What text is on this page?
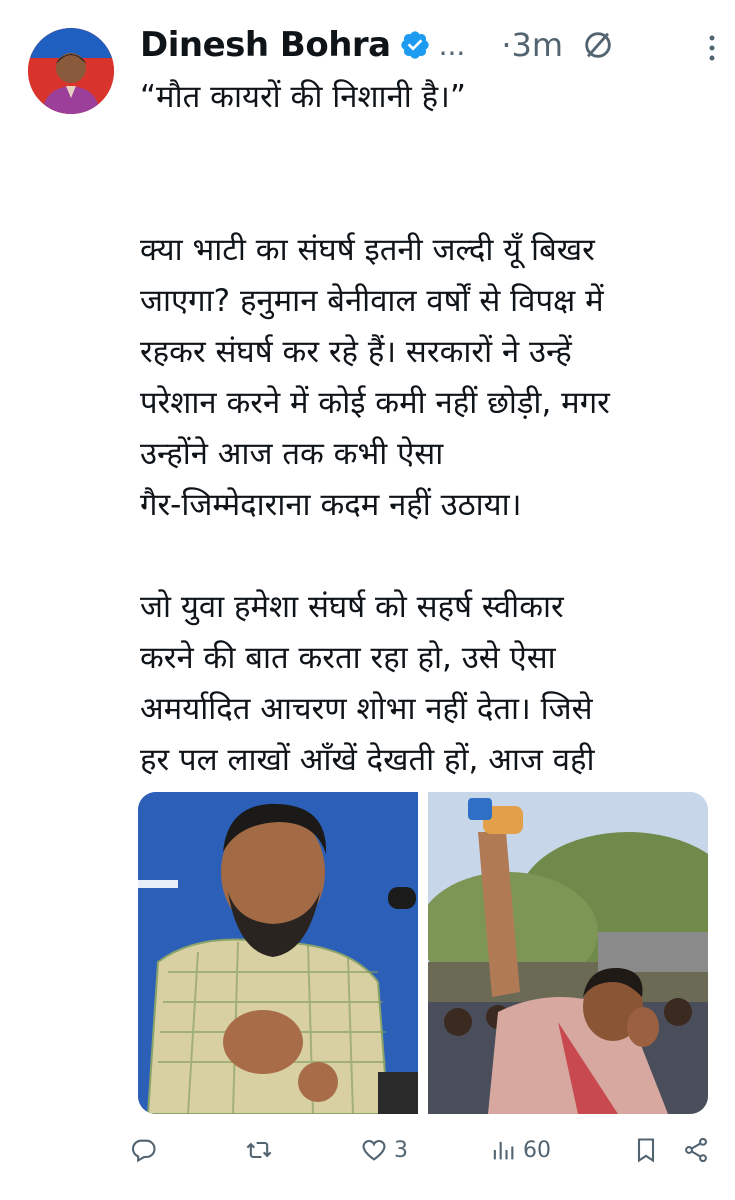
Dinesh Bohra ... ·3m

“मौत कायरों की निशानी है।”

क्या भाटी का संघर्ष इतनी जल्दी यूँ बिखर

जाएगा? हनुमान बेनीवाल वर्षों से विपक्ष में

रहकर संघर्ष कर रहे हैं। सरकारों ने उन्हें

परेशान करने में कोई कमी नहीं छोड़ी, मगर

उन्होंने आज तक कभी ऐसा

गैर-जिम्मेदाराना कदम नहीं उठाया।

जो युवा हमेशा संघर्ष को सहर्ष स्वीकार

करने की बात करता रहा हो, उसे ऐसा

अमर्यादित आचरण शोभा नहीं देता। जिसे

हर पल लाखों आँखें देखती हों, आज वही

3	60
